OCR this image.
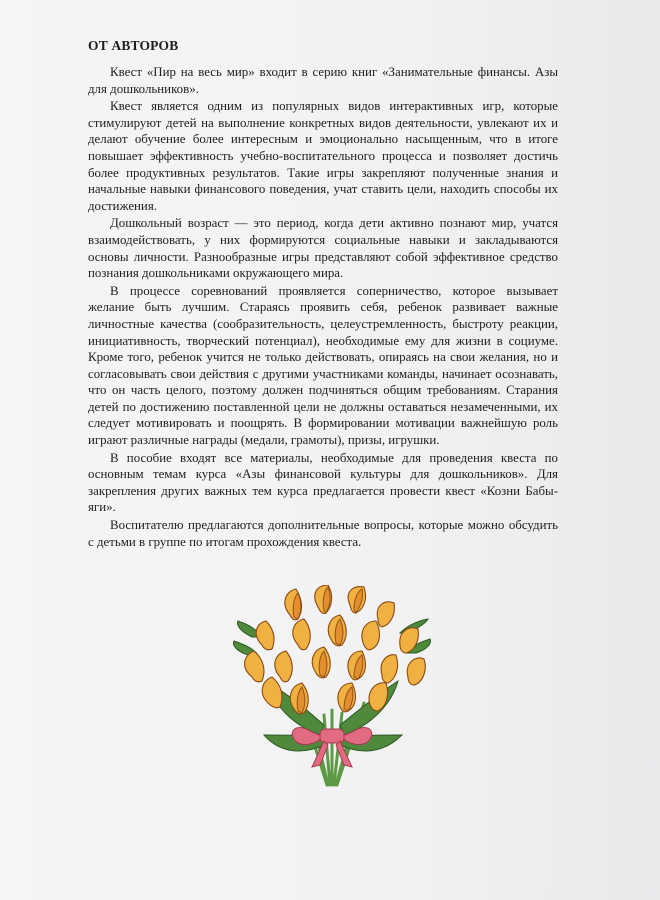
ОТ АВТОРОВ

Квест «Пир на весь мир» входит в серию книг «Занимательные финансы. Азы для дошкольников».

Квест является одним из популярных видов интерактивных игр, которые стимулируют детей на выполнение конкретных видов деятельности, увлекают их и делают обучение более интересным и эмоционально насыщенным, что в итоге повышает эффективность учебно-воспитательного процесса и позволяет достичь более продуктивных результатов. Такие игры закрепляют полученные знания и начальные навыки финансового поведения, учат ставить цели, находить способы их достижения.

Дошкольный возраст — это период, когда дети активно познают мир, учатся взаимодействовать, у них формируются социальные навыки и закладываются основы личности. Разнообразные игры представляют собой эффективное средство познания дошкольниками окружающего мира.

В процессе соревнований проявляется соперничество, которое вызывает желание быть лучшим. Стараясь проявить себя, ребенок развивает важные личностные качества (сообразительность, целеустремленность, быстроту реакции, инициативность, творческий потенциал), необходимые ему для жизни в социуме. Кроме того, ребенок учится не только действовать, опираясь на свои желания, но и согласовывать свои действия с другими участниками команды, начинает осознавать, что он часть целого, поэтому должен подчиняться общим требованиям. Старания детей по достижению поставленной цели не должны оставаться незамеченными, их следует мотивировать и поощрять. В формировании мотивации важнейшую роль играют различные награды (медали, грамоты), призы, игрушки.

В пособие входят все материалы, необходимые для проведения квеста по основным темам курса «Азы финансовой культуры для дошкольников». Для закрепления других важных тем курса предлагается провести квест «Козни Бабы-яги».

Воспитателю предлагаются дополнительные вопросы, которые можно обсудить с детьми в группе по итогам прохождения квеста.
